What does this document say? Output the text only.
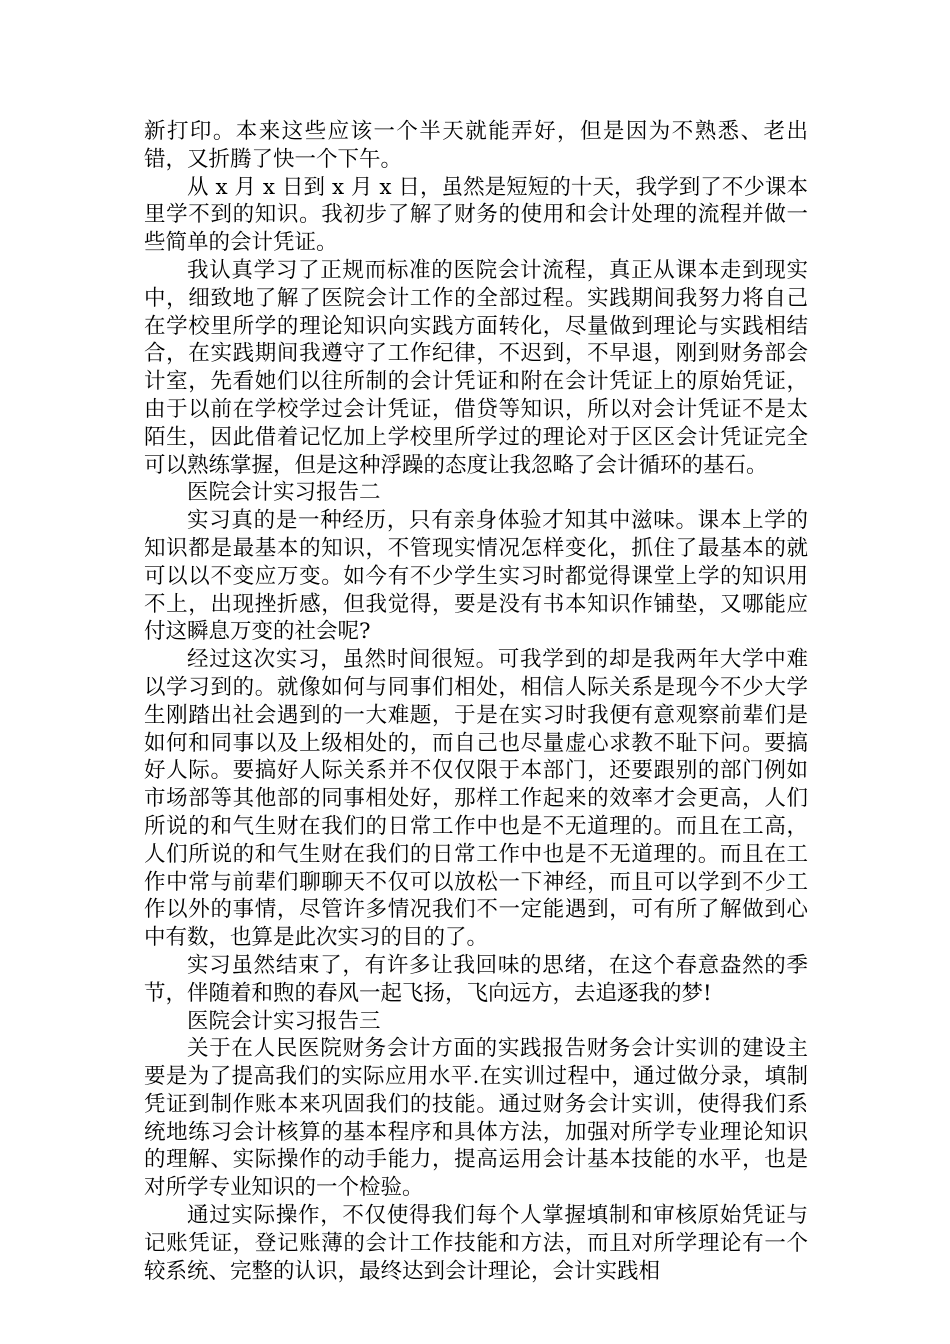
新打印。本来这些应该一个半天就能弄好，但是因为不熟悉、老出错，又折腾了快一个下午。

从 x 月 x 日到 x 月 x 日，虽然是短短的十天，我学到了不少课本里学不到的知识。我初步了解了财务的使用和会计处理的流程并做一些简单的会计凭证。

我认真学习了正规而标准的医院会计流程，真正从课本走到现实中，细致地了解了医院会计工作的全部过程。实践期间我努力将自己在学校里所学的理论知识向实践方面转化，尽量做到理论与实践相结合，在实践期间我遵守了工作纪律，不迟到，不早退，刚到财务部会计室，先看她们以往所制的会计凭证和附在会计凭证上的原始凭证，由于以前在学校学过会计凭证，借贷等知识，所以对会计凭证不是太陌生，因此借着记忆加上学校里所学过的理论对于区区会计凭证完全可以熟练掌握，但是这种浮躁的态度让我忽略了会计循环的基石。

医院会计实习报告二

实习真的是一种经历，只有亲身体验才知其中滋味。课本上学的知识都是最基本的知识，不管现实情况怎样变化，抓住了最基本的就可以以不变应万变。如今有不少学生实习时都觉得课堂上学的知识用不上，出现挫折感，但我觉得，要是没有书本知识作铺垫，又哪能应付这瞬息万变的社会呢?

经过这次实习，虽然时间很短。可我学到的却是我两年大学中难以学习到的。就像如何与同事们相处，相信人际关系是现今不少大学生刚踏出社会遇到的一大难题，于是在实习时我便有意观察前辈们是如何和同事以及上级相处的，而自己也尽量虚心求教不耻下问。要搞好人际。要搞好人际关系并不仅仅限于本部门，还要跟别的部门例如市场部等其他部的同事相处好，那样工作起来的效率才会更高，人们所说的和气生财在我们的日常工作中也是不无道理的。而且在工高，人们所说的和气生财在我们的日常工作中也是不无道理的。而且在工作中常与前辈们聊聊天不仅可以放松一下神经，而且可以学到不少工作以外的事情，尽管许多情况我们不一定能遇到，可有所了解做到心中有数，也算是此次实习的目的了。

实习虽然结束了，有许多让我回味的思绪，在这个春意盎然的季节，伴随着和煦的春风一起飞扬，飞向远方，去追逐我的梦!

医院会计实习报告三

关于在人民医院财务会计方面的实践报告财务会计实训的建设主要是为了提高我们的实际应用水平.在实训过程中，通过做分录，填制凭证到制作账本来巩固我们的技能。通过财务会计实训，使得我们系统地练习会计核算的基本程序和具体方法，加强对所学专业理论知识的理解、实际操作的动手能力，提高运用会计基本技能的水平，也是对所学专业知识的一个检验。

通过实际操作，不仅使得我们每个人掌握填制和审核原始凭证与记账凭证，登记账薄的会计工作技能和方法，而且对所学理论有一个较系统、完整的认识，最终达到会计理论，会计实践相
